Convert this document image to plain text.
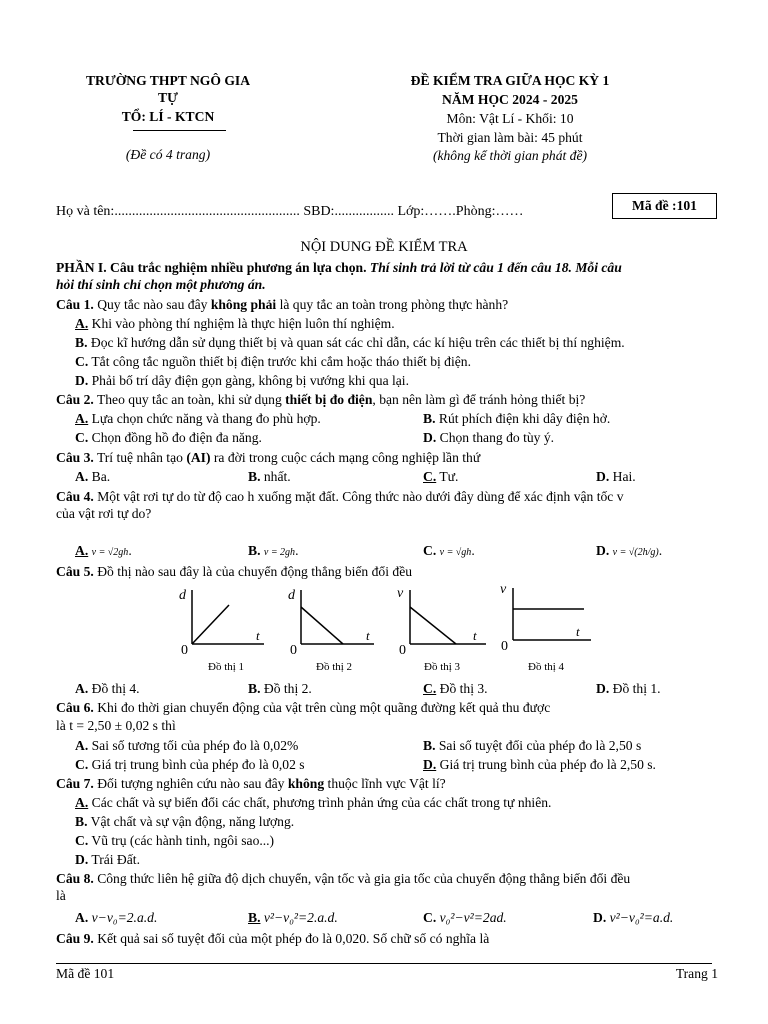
TRƯỜNG THPT NGÔ GIA
TỰ
TỔ: LÍ - KTCN
(Đề có 4 trang)
ĐỀ KIỂM TRA GIỮA HỌC KỲ 1
NĂM HỌC 2024 - 2025
Môn: Vật Lí - Khối: 10
Thời gian làm bài: 45 phút
(không kể thời gian phát đề)
Họ và tên:..................................................... SBD:................. Lớp:…….Phòng:……	Mã đề :101
NỘI DUNG ĐỀ KIỂM TRA
PHẦN I. Câu trắc nghiệm nhiều phương án lựa chọn. Thí sinh trả lời từ câu 1 đến câu 18. Mỗi câu
hỏi thí sinh chỉ chọn một phương án.
Câu 1. Quy tắc nào sau đây không phải là quy tắc an toàn trong phòng thực hành?
A. Khi vào phòng thí nghiệm là thực hiện luôn thí nghiệm.
B. Đọc kĩ hướng dẫn sử dụng thiết bị và quan sát các chỉ dẫn, các kí hiệu trên các thiết bị thí nghiệm.
C. Tắt công tắc nguồn thiết bị điện trước khi cắm hoặc tháo thiết bị điện.
D. Phải bố trí dây điện gọn gàng, không bị vướng khi qua lại.
Câu 2. Theo quy tắc an toàn, khi sử dụng thiết bị đo điện, bạn nên làm gì để tránh hỏng thiết bị?
A. Lựa chọn chức năng và thang đo phù hợp.	B. Rút phích điện khi dây điện hở.
C. Chọn đồng hồ đo điện đa năng.	D. Chọn thang đo tùy ý.
Câu 3. Trí tuệ nhân tạo (AI) ra đời trong cuộc cách mạng công nghiệp lần thứ
A. Ba.	B. nhất.	C. Tư.	D. Hai.
Câu 4. Một vật rơi tự do từ độ cao h xuống mặt đất. Công thức nào dưới đây dùng để xác định vận tốc v
của vật rơi tự do?
A. v = √2gh.	B. v = 2gh.	C. v = √gh.	D. v = √(2h/g).
Câu 5. Đồ thị nào sau đây là của chuyển động thẳng biến đổi đều
d
t
0
Đồ thị 1
d
t
0
Đồ thị 2
v
t
0
Đồ thị 3
v
t
0
Đồ thị 4
A. Đồ thị 4.	B. Đồ thị 2.	C. Đồ thị 3.	D. Đồ thị 1.
Câu 6. Khi đo thời gian chuyển động của vật trên cùng một quãng đường kết quả thu được
là t = 2,50 ± 0,02 s thì
A. Sai số tương tối của phép đo là 0,02%	B. Sai số tuyệt đối của phép đo là 2,50 s
C. Giá trị trung bình của phép đo là 0,02 s	D. Giá trị trung bình của phép đo là 2,50 s.
Câu 7. Đối tượng nghiên cứu nào sau đây không thuộc lĩnh vực Vật lí?
A. Các chất và sự biến đổi các chất, phương trình phản ứng của các chất trong tự nhiên.
B. Vật chất và sự vận động, năng lượng.
C. Vũ trụ (các hành tinh, ngôi sao...)
D. Trái Đất.
Câu 8. Công thức liên hệ giữa độ dịch chuyển, vận tốc và gia gia tốc của chuyển động thẳng biến đổi đều
là
A. v−v₀=2.a.d.	B. v²−v₀²=2.a.d.	C. v₀²−v²=2ad.	D. v²−v₀²=a.d.
Câu 9. Kết quả sai số tuyệt đối của một phép đo là 0,020. Số chữ số có nghĩa là
Mã đề 101	Trang 1
